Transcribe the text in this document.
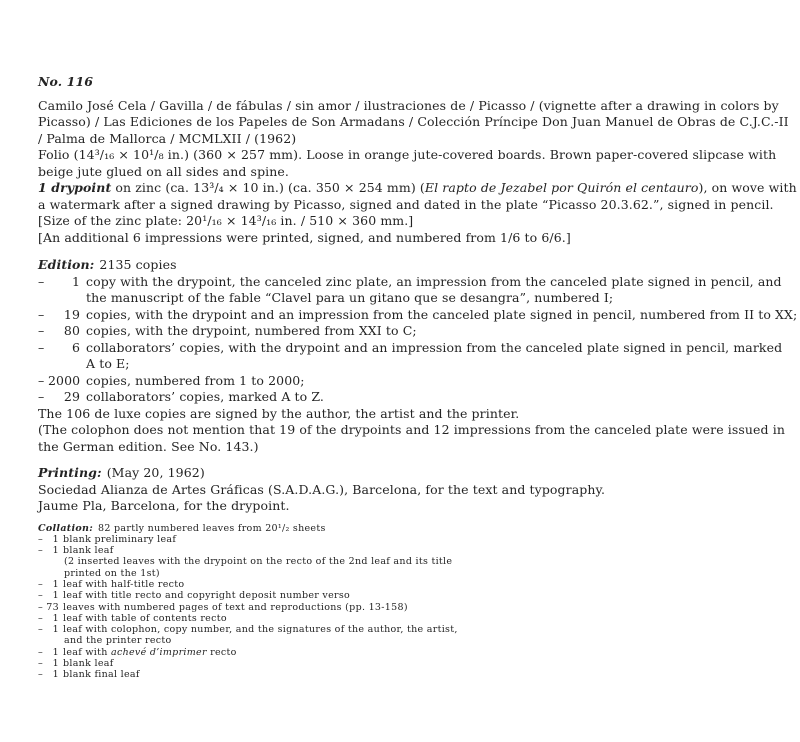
No. 116
Camilo José Cela / Gavilla / de fábulas / sin amor / ilustraciones de / Picasso / (vignette after a drawing in colors by
Picasso) / Las Ediciones de los Papeles de Son Armadans / Colección Príncipe Don Juan Manuel de Obras de C.J.C.-II
/ Palma de Mallorca / MCMLXII / (1962)
Folio (14³/₁₆ × 10¹/₈ in.) (360 × 257 mm). Loose in orange jute-covered boards. Brown paper-covered slipcase with
beige jute glued on all sides and spine.
1 drypoint on zinc (ca. 13³/₄ × 10 in.) (ca. 350 × 254 mm) (El rapto de Jezabel por Quirón el centauro), on wove with
a watermark after a signed drawing by Picasso, signed and dated in the plate “Picasso 20.3.62.”, signed in pencil.
[Size of the zinc plate: 20¹/₁₆ × 14³/₁₆ in. / 510 × 360 mm.]
[An additional 6 impressions were printed, signed, and numbered from 1/6 to 6/6.]
Edition: 2135 copies
–	1 copy with the drypoint, the canceled zinc plate, an impression from the canceled plate signed in pencil, and
the manuscript of the fable “Clavel para un gitano que se desangra”, numbered I;
–	19 copies, with the drypoint and an impression from the canceled plate signed in pencil, numbered from II to XX;
–	80 copies, with the drypoint, numbered from XXI to C;
–	6 collaborators’ copies, with the drypoint and an impression from the canceled plate signed in pencil, marked
A to E;
– 2000 copies, numbered from 1 to 2000;
–	29 collaborators’ copies, marked A to Z.
The 106 de luxe copies are signed by the author, the artist and the printer.
(The colophon does not mention that 19 of the drypoints and 12 impressions from the canceled plate were issued in
the German edition. See No. 143.)
Printing: (May 20, 1962)
Sociedad Alianza de Artes Gráficas (S.A.D.A.G.), Barcelona, for the text and typography.
Jaume Pla, Barcelona, for the drypoint.
Collation: 82 partly numbered leaves from 20¹/₂ sheets
–	1 blank preliminary leaf
–	1 blank leaf
(2 inserted leaves with the drypoint on the recto of the 2nd leaf and its title
printed on the 1st)
–	1 leaf with half-title recto
–	1 leaf with title recto and copyright deposit number verso
– 73 leaves with numbered pages of text and reproductions (pp. 13-158)
–	1 leaf with table of contents recto
–	1 leaf with colophon, copy number, and the signatures of the author, the artist,
and the printer recto
–	1 leaf with achevé d’imprimer recto
–	1 blank leaf
–	1 blank final leaf
